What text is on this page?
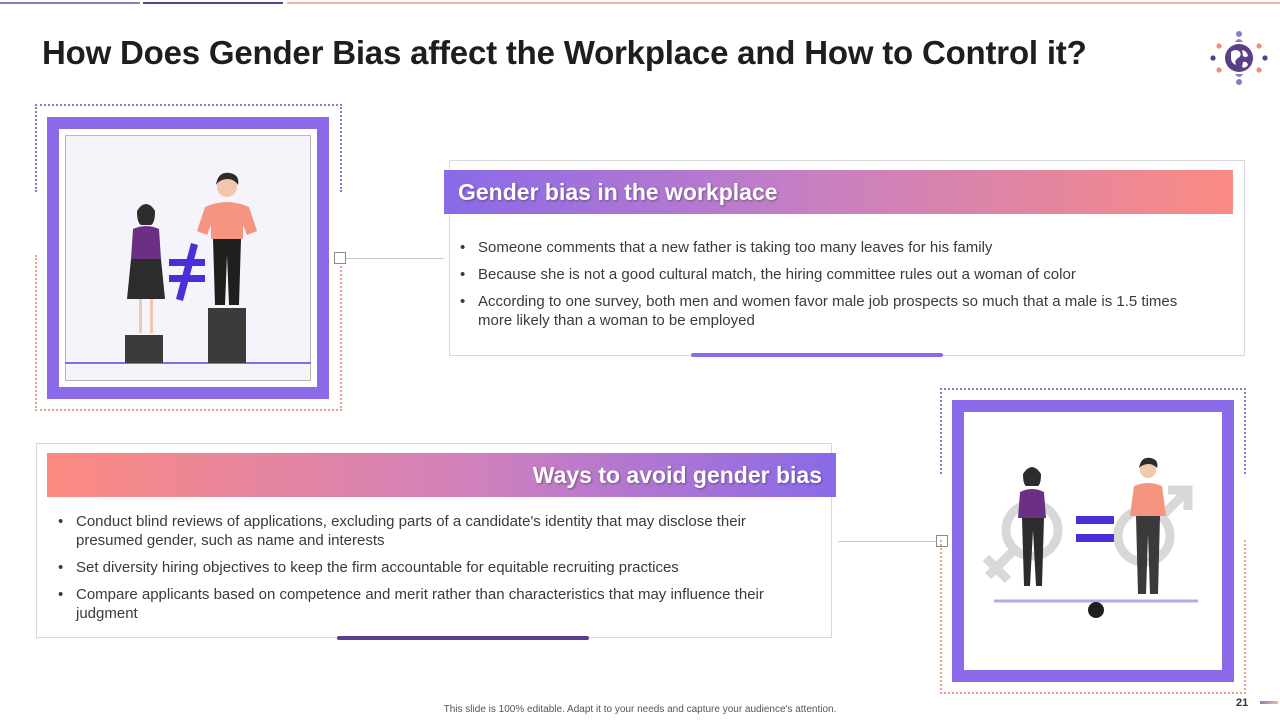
How Does Gender Bias affect the Workplace and How to Control it?
Gender bias in the workplace
• Someone comments that a new father is taking too many leaves for his family
• Because she is not a good cultural match, the hiring committee rules out a woman of color
• According to one survey, both men and women favor male job prospects so much that a male is 1.5 times more likely than a woman to be employed
Ways to avoid gender bias
• Conduct blind reviews of applications, excluding parts of a candidate's identity that may disclose their presumed gender, such as name and interests
• Set diversity hiring objectives to keep the firm accountable for equitable recruiting practices
• Compare applicants based on competence and merit rather than characteristics that may influence their judgment
This slide is 100% editable. Adapt it to your needs and capture your audience's attention.
21
